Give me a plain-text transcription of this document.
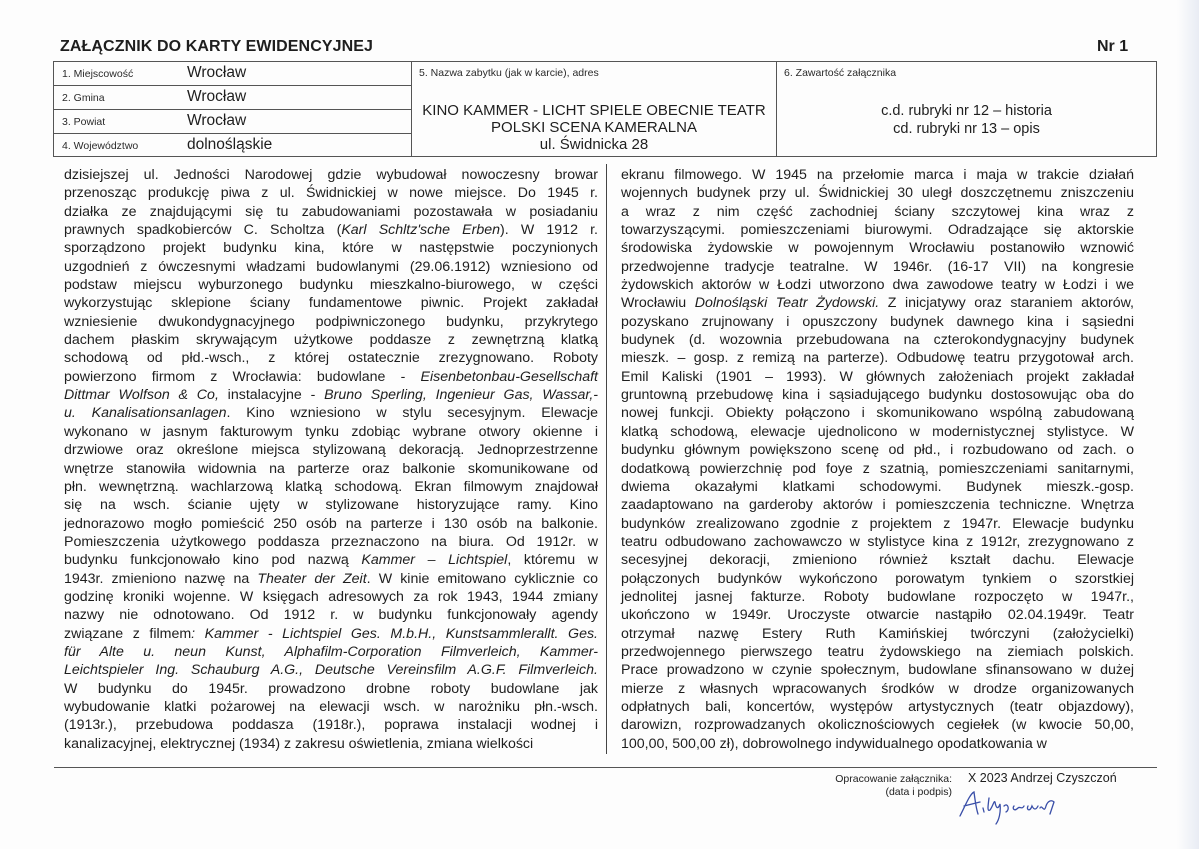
ZAŁĄCZNIK DO KARTY EWIDENCYJNEJ	Nr 1
1. Miejscowość	Wrocław
2. Gmina	Wrocław
3. Powiat	Wrocław
4. Województwo	dolnośląskie
5. Nazwa zabytku (jak w karcie), adres
KINO KAMMER - LICHT SPIELE OBECNIE TEATR
POLSKI SCENA KAMERALNA
ul. Świdnicka 28
6. Zawartość załącznika
c.d. rubryki nr 12 – historia
cd. rubryki nr 13 – opis
dzisiejszej ul. Jedności Narodowej gdzie wybudował nowoczesny browar
przenosząc produkcję piwa z ul. Świdnickiej w nowe miejsce. Do 1945 r.
działka ze znajdującymi się tu zabudowaniami pozostawała w posiadaniu
prawnych spadkobierców C. Scholtza (Karl Schltz'sche Erben). W 1912 r.
sporządzono projekt budynku kina, które w następstwie poczynionych
uzgodnień z ówczesnymi władzami budowlanymi (29.06.1912) wzniesiono od
podstaw miejscu wyburzonego budynku mieszkalno-biurowego, w części
wykorzystując sklepione ściany fundamentowe piwnic. Projekt zakładał
wzniesienie dwukondygnacyjnego podpiwniczonego budynku, przykrytego
dachem płaskim skrywającym użytkowe poddasze z zewnętrzną klatką
schodową od płd.-wsch., z której ostatecznie zrezygnowano. Roboty
powierzono firmom z Wrocławia: budowlane - Eisenbetonbau-Gesellschaft
Dittmar Wolfson & Co, instalacyjne - Bruno Sperling, Ingenieur Gas, Wassar,-
u. Kanalisationsanlagen. Kino wzniesiono w stylu secesyjnym. Elewacje
wykonano w jasnym fakturowym tynku zdobiąc wybrane otwory okienne i
drzwiowe oraz określone miejsca stylizowaną dekoracją. Jednoprzestrzenne
wnętrze stanowiła widownia na parterze oraz balkonie skomunikowane od
płn. wewnętrzną. wachlarzową klatką schodową. Ekran filmowym znajdował
się na wsch. ścianie ujęty w stylizowane historyzujące ramy. Kino
jednorazowo mogło pomieścić 250 osób na parterze i 130 osób na balkonie.
Pomieszczenia użytkowego poddasza przeznaczono na biura. Od 1912r. w
budynku funkcjonowało kino pod nazwą Kammer – Lichtspiel, któremu w
1943r. zmieniono nazwę na Theater der Zeit. W kinie emitowano cyklicznie co
godzinę kroniki wojenne. W księgach adresowych za rok 1943, 1944 zmiany
nazwy nie odnotowano. Od 1912 r. w budynku funkcjonowały agendy
związane z filmem: Kammer - Lichtspiel Ges. M.b.H., Kunstsammlerallt. Ges.
für Alte u. neun Kunst, Alphafilm-Corporation Filmverleich, Kammer-
Leichtspieler Ing. Schauburg A.G., Deutsche Vereinsfilm A.G.F. Filmverleich.
W budynku do 1945r. prowadzono drobne roboty budowlane jak
wybudowanie klatki pożarowej na elewacji wsch. w narożniku płn.-wsch.
(1913r.), przebudowa poddasza (1918r.), poprawa instalacji wodnej i
kanalizacyjnej, elektrycznej (1934) z zakresu oświetlenia, zmiana wielkości
ekranu filmowego. W 1945 na przełomie marca i maja w trakcie działań
wojennych budynek przy ul. Świdnickiej 30 uległ doszczętnemu zniszczeniu
a wraz z nim część zachodniej ściany szczytowej kina wraz z
towarzyszącymi. pomieszczeniami biurowymi. Odradzające się aktorskie
środowiska żydowskie w powojennym Wrocławiu postanowiło wznowić
przedwojenne tradycje teatralne. W 1946r. (16-17 VII) na kongresie
żydowskich aktorów w Łodzi utworzono dwa zawodowe teatry w Łodzi i we
Wrocławiu Dolnośląski Teatr Żydowski. Z inicjatywy oraz staraniem aktorów,
pozyskano zrujnowany i opuszczony budynek dawnego kina i sąsiedni
budynek (d. wozownia przebudowana na czterokondygnacyjny budynek
mieszk. – gosp. z remizą na parterze). Odbudowę teatru przygotował arch.
Emil Kaliski (1901 – 1993). W głównych założeniach projekt zakładał
gruntowną przebudowę kina i sąsiadującego budynku dostosowując oba do
nowej funkcji. Obiekty połączono i skomunikowano wspólną zabudowaną
klatką schodową, elewacje ujednolicono w modernistycznej stylistyce. W
budynku głównym powiększono scenę od płd., i rozbudowano od zach. o
dodatkową powierzchnię pod foye z szatnią, pomieszczeniami sanitarnymi,
dwiema okazałymi klatkami schodowymi. Budynek mieszk.-gosp.
zaadaptowano na garderoby aktorów i pomieszczenia techniczne. Wnętrza
budynków zrealizowano zgodnie z projektem z 1947r. Elewacje budynku
teatru odbudowano zachowawczo w stylistyce kina z 1912r, zrezygnowano z
secesyjnej dekoracji, zmieniono również kształt dachu. Elewacje
połączonych budynków wykończono porowatym tynkiem o szorstkiej
jednolitej jasnej fakturze. Roboty budowlane rozpoczęto w 1947r.,
ukończono w 1949r. Uroczyste otwarcie nastąpiło 02.04.1949r. Teatr
otrzymał nazwę Estery Ruth Kamińskiej twórczyni (założycielki)
przedwojennego pierwszego teatru żydowskiego na ziemiach polskich.
Prace prowadzono w czynie społecznym, budowlane sfinansowano w dużej
mierze z własnych wpracowanych środków w drodze organizowanych
odpłatnych bali, koncertów, występów artystycznych (teatr objazdowy),
darowizn, rozprowadzanych okolicznościowych cegiełek (w kwocie 50,00,
100,00, 500,00 zł), dobrowolnego indywidualnego opodatkowania w
Opracowanie załącznika:
(data i podpis)
X 2023 Andrzej Czyszczoń
